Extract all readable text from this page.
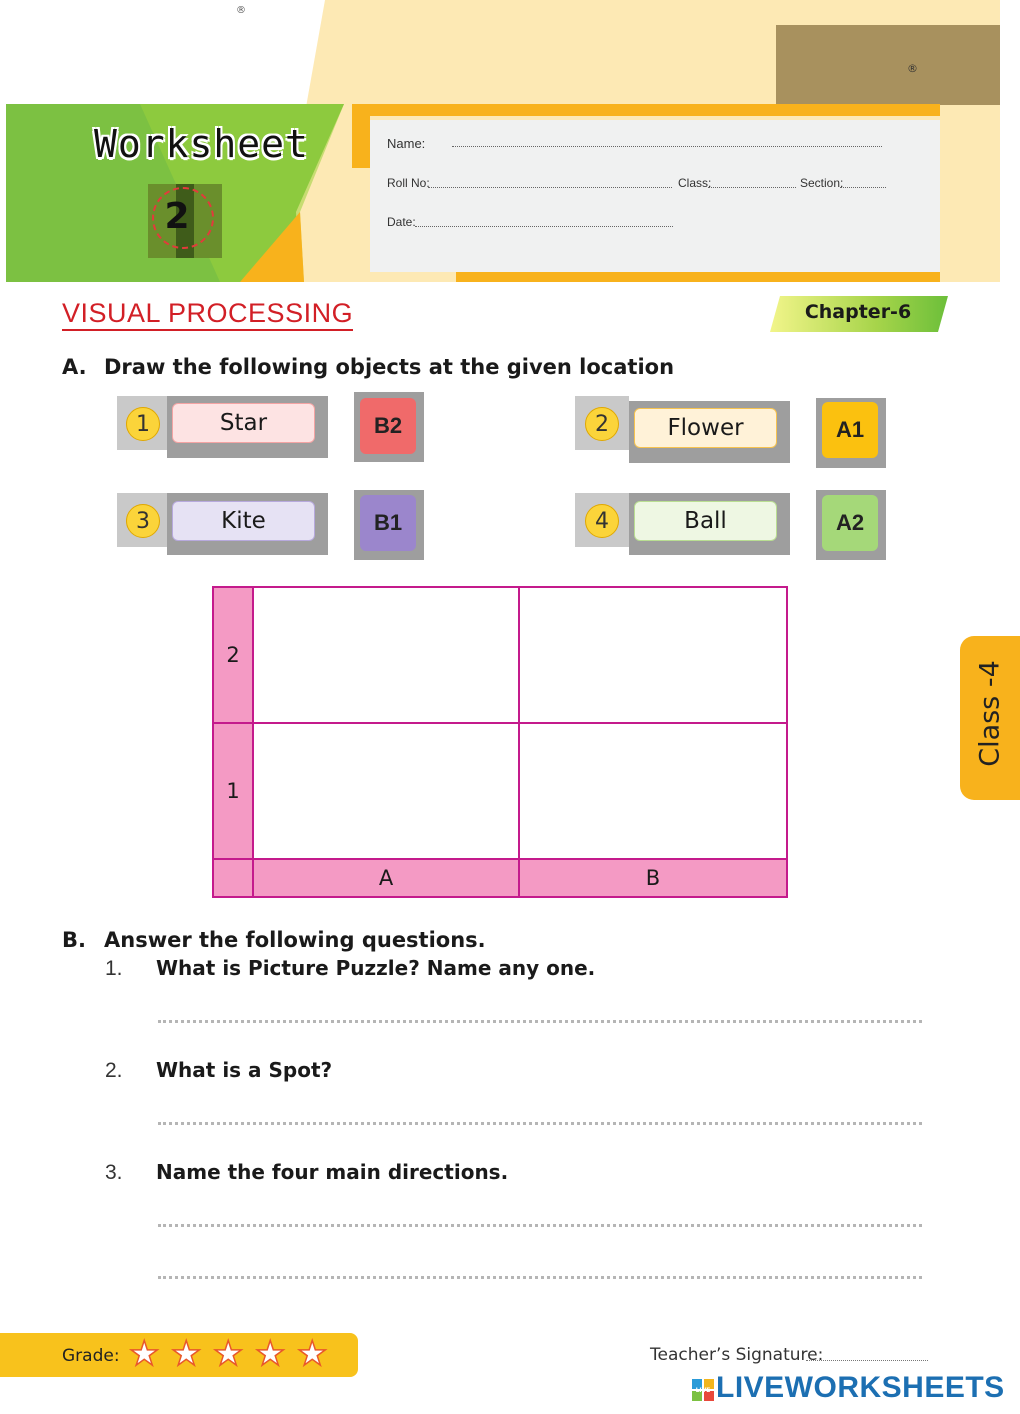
®
®
Worksheet
2
Name:
Roll No:	Class:	Section:
Date:
VISUAL PROCESSING	Chapter-6
Class -4
A. Draw the following objects at the given location
1	Star	B2	2	Flower	A1
3	Kite	B1	4	Ball	A2
2
1
A	B
B. Answer the following questions.
1. What is Picture Puzzle? Name any one.
2. What is a Spot?
3. Name the four main directions.
Grade: ★ ★ ★ ★ ★	Teacher’s Signature:
LIVE LIVEWORKSHEETS
